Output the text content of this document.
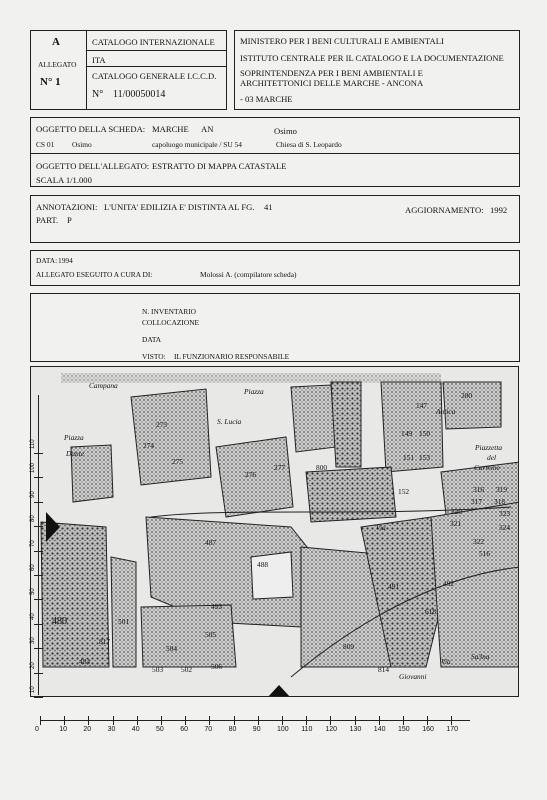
A
ALLEGATO
N° 1
CATALOGO INTERNAZIONALE
ITA
CATALOGO GENERALE I.C.C.D.
N° 11/00050014
MINISTERO PER I BENI CULTURALI E AMBIENTALI
ISTITUTO CENTRALE PER IL CATALOGO E LA DOCUMENTAZIONE
SOPRINTENDENZA PER I BENI AMBIENTALI E
ARCHITETTONICI DELLE MARCHE - ANCONA
- 03 MARCHE
OGGETTO DELLA SCHEDA: MARCHE AN	Osimo
CS 01 Osimo	capoluogo municipale / SU 54	Chiesa di S. Leopardo
OGGETTO DELL'ALLEGATO: ESTRATTO DI MAPPA CATASTALE
SCALA 1/1.000
ANNOTAZIONI: L'UNITA' EDILIZIA E' DISTINTA AL FG. 41	AGGIORNAMENTO: 1992
PART. P
DATA: 1994
ALLEGATO ESEGUITO A CURA DI:	Molossi A. (compilatore scheda)
N. INVENTARIO
COLLOCAZIONE
DATA
VISTO: IL FUNZIONARIO RESPONSABILE
Campana
Piazza
S. Lucia
Piazza
Dante
Piazzetta
del
Carmine
Via
Antica
Via
Giovanni
Sa3na
273
274
275
276
277	800
152
280
487
488
493
491	492
480
817
484
501
502
503
504
505
506
809
814
316
317 318
319
320
321
322
323
324
516
618
147
149 150
151 153
0	10 20 30 40 50 60 70 80 90 100 110 120 130 140 150 160 170
110
100
90
80
70
60
50
40
30
20
10
